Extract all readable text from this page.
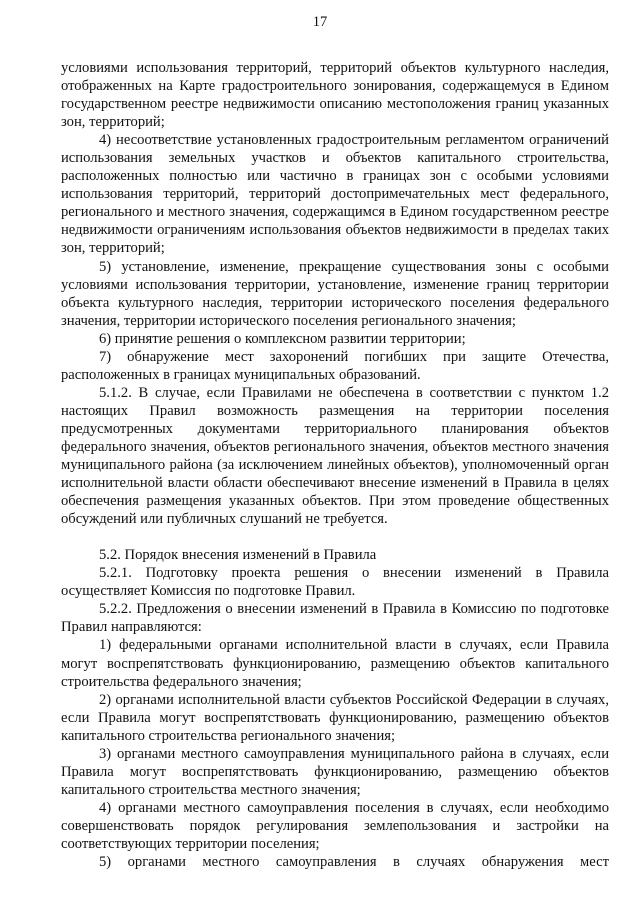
17

условиями использования территорий, территорий объектов культурного наследия, отображенных на Карте градостроительного зонирования, содержащемуся в Едином государственном реестре недвижимости описанию местоположения границ указанных зон, территорий;

4) несоответствие установленных градостроительным регламентом ограничений использования земельных участков и объектов капитального строительства, расположенных полностью или частично в границах зон с особыми условиями использования территорий, территорий достопримечательных мест федерального, регионального и местного значения, содержащимся в Едином государственном реестре недвижимости ограничениям использования объектов недвижимости в пределах таких зон, территорий;

5) установление, изменение, прекращение существования зоны с особыми условиями использования территории, установление, изменение границ территории объекта культурного наследия, территории исторического поселения федерального значения, территории исторического поселения регионального значения;

6) принятие решения о комплексном развитии территории;

7) обнаружение мест захоронений погибших при защите Отечества, расположенных в границах муниципальных образований.

5.1.2. В случае, если Правилами не обеспечена в соответствии с пунктом 1.2 настоящих Правил возможность размещения на территории поселения предусмотренных документами территориального планирования объектов федерального значения, объектов регионального значения, объектов местного значения муниципального района (за исключением линейных объектов), уполномоченный орган исполнительной власти области обеспечивают внесение изменений в Правила в целях обеспечения размещения указанных объектов. При этом проведение общественных обсуждений или публичных слушаний не требуется.

5.2. Порядок внесения изменений в Правила

5.2.1. Подготовку проекта решения о внесении изменений в Правила осуществляет Комиссия по подготовке Правил.

5.2.2. Предложения о внесении изменений в Правила в Комиссию по подготовке Правил направляются:

1) федеральными органами исполнительной власти в случаях, если Правила могут воспрепятствовать функционированию, размещению объектов капитального строительства федерального значения;

2) органами исполнительной власти субъектов Российской Федерации в случаях, если Правила могут воспрепятствовать функционированию, размещению объектов капитального строительства регионального значения;

3) органами местного самоуправления муниципального района в случаях, если Правила могут воспрепятствовать функционированию, размещению объектов капитального строительства местного значения;

4) органами местного самоуправления поселения в случаях, если необходимо совершенствовать порядок регулирования землепользования и застройки на соответствующих территории поселения;

5) органами местного самоуправления в случаях обнаружения мест
